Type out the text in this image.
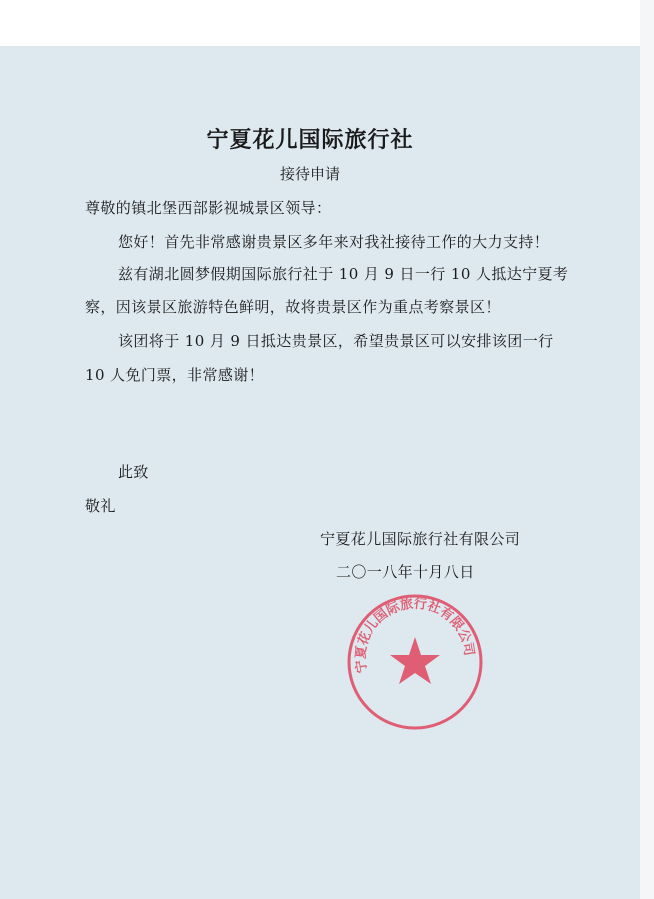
宁夏花儿国际旅行社
接待申请
尊敬的镇北堡西部影视城景区领导：
您好！首先非常感谢贵景区多年来对我社接待工作的大力支持！
兹有湖北圆梦假期国际旅行社于 10 月 9 日一行 10 人抵达宁夏考
察，因该景区旅游特色鲜明，故将贵景区作为重点考察景区！
该团将于 10 月 9 日抵达贵景区，希望贵景区可以安排该团一行
10 人免门票，非常感谢！
此致
敬礼
宁夏花儿国际旅行社有限公司
二〇一八年十月八日
宁夏花儿国际旅行社有限公司
